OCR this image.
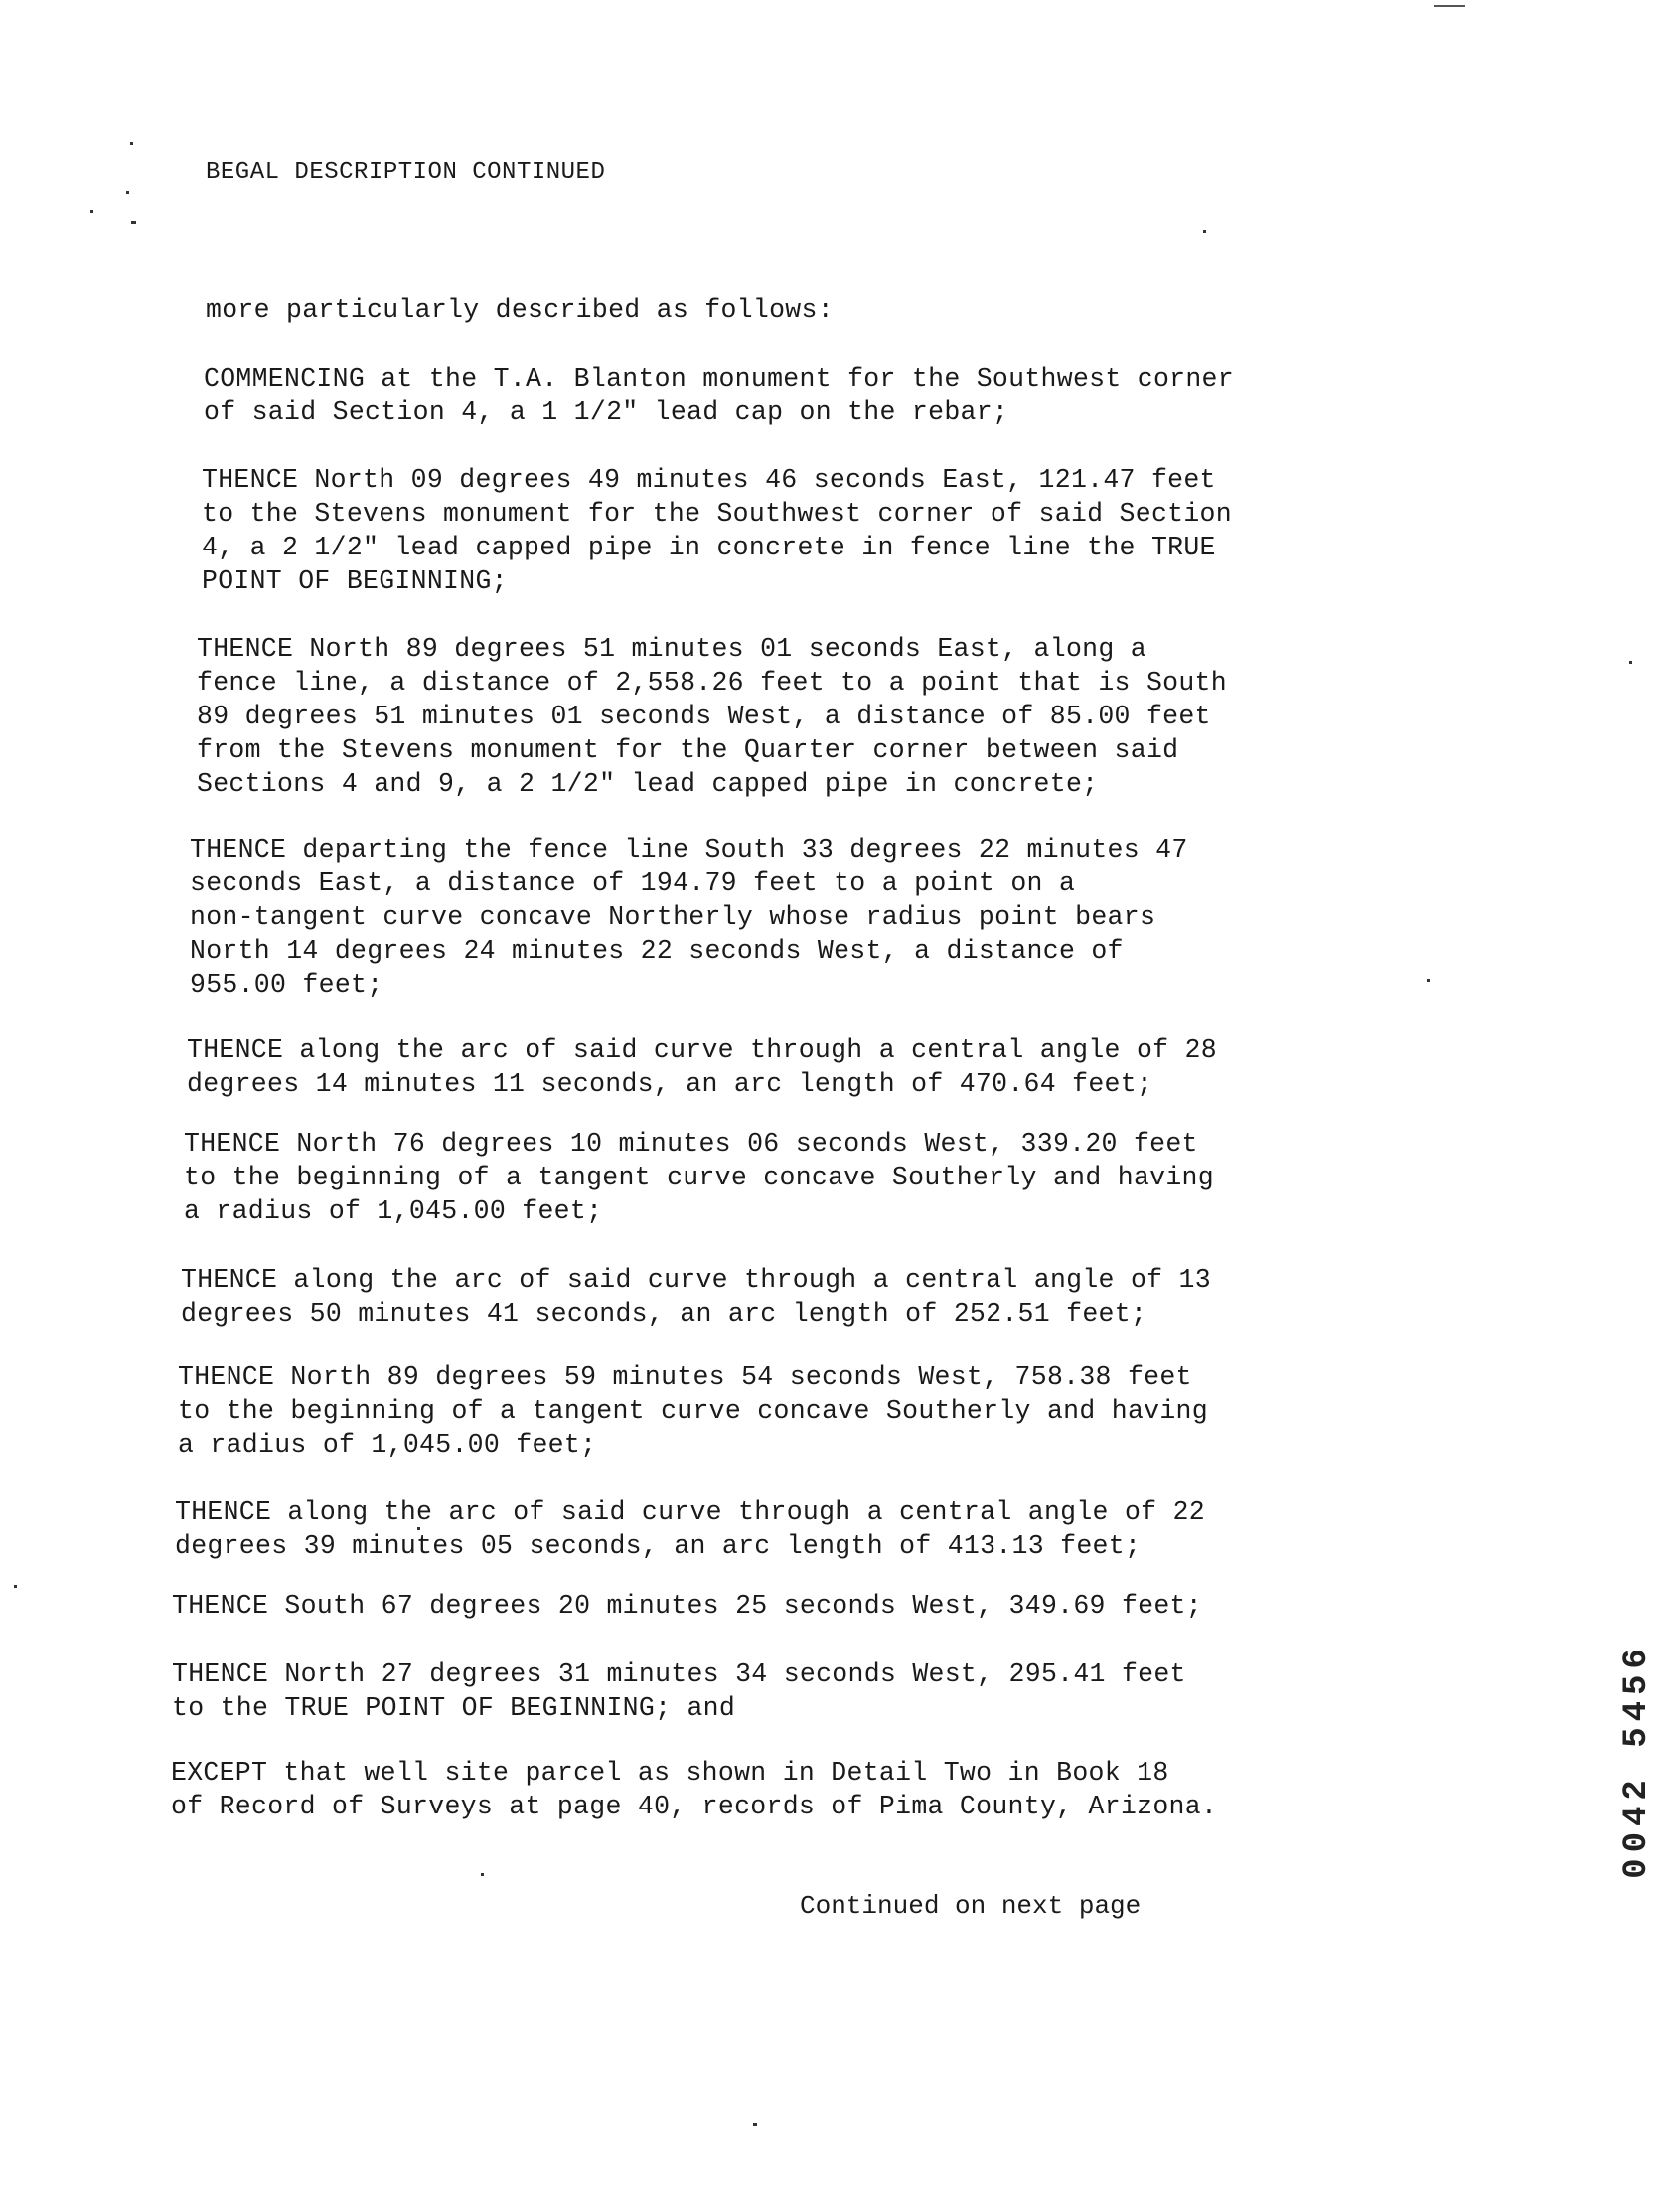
BEGAL DESCRIPTION CONTINUED
more particularly described as follows:
COMMENCING at the T.A. Blanton monument for the Southwest corner
of said Section 4, a 1 1/2" lead cap on the rebar;
THENCE North 09 degrees 49 minutes 46 seconds East, 121.47 feet
to the Stevens monument for the Southwest corner of said Section
4, a 2 1/2" lead capped pipe in concrete in fence line the TRUE
POINT OF BEGINNING;
THENCE North 89 degrees 51 minutes 01 seconds East, along a
fence line, a distance of 2,558.26 feet to a point that is South
89 degrees 51 minutes 01 seconds West, a distance of 85.00 feet
from the Stevens monument for the Quarter corner between said
Sections 4 and 9, a 2 1/2" lead capped pipe in concrete;
THENCE departing the fence line South 33 degrees 22 minutes 47
seconds East, a distance of 194.79 feet to a point on a
non-tangent curve concave Northerly whose radius point bears
North 14 degrees 24 minutes 22 seconds West, a distance of
955.00 feet;
THENCE along the arc of said curve through a central angle of 28
degrees 14 minutes 11 seconds, an arc length of 470.64 feet;
THENCE North 76 degrees 10 minutes 06 seconds West, 339.20 feet
to the beginning of a tangent curve concave Southerly and having
a radius of 1,045.00 feet;
THENCE along the arc of said curve through a central angle of 13
degrees 50 minutes 41 seconds, an arc length of 252.51 feet;
THENCE North 89 degrees 59 minutes 54 seconds West, 758.38 feet
to the beginning of a tangent curve concave Southerly and having
a radius of 1,045.00 feet;
THENCE along the arc of said curve through a central angle of 22
degrees 39 minutes 05 seconds, an arc length of 413.13 feet;
THENCE South 67 degrees 20 minutes 25 seconds West, 349.69 feet;
THENCE North 27 degrees 31 minutes 34 seconds West, 295.41 feet
to the TRUE POINT OF BEGINNING; and
EXCEPT that well site parcel as shown in Detail Two in Book 18
of Record of Surveys at page 40, records of Pima County, Arizona.
Continued on next page
0042 5456
